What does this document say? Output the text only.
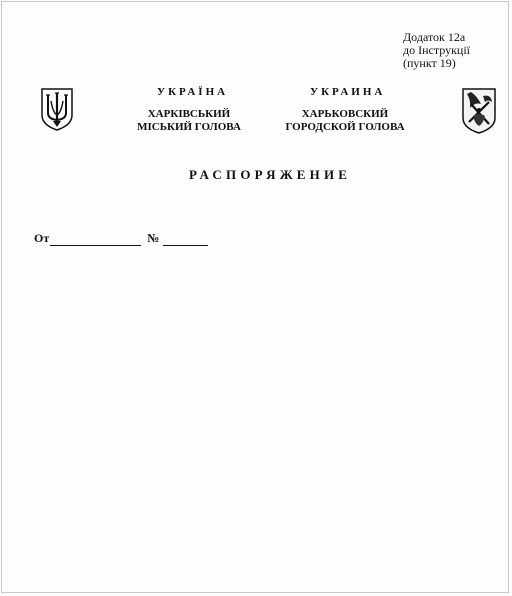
Додаток 12а
до Інструкції
(пункт 19)
УКРАЇНА	УКРАИНА
ХАРКІВСЬКИЙ
МІСЬКИЙ ГОЛОВА
ХАРЬКОВСКИЙ
ГОРОДСКОЙ ГОЛОВА
РАСПОРЯЖЕНИЕ
От	№
